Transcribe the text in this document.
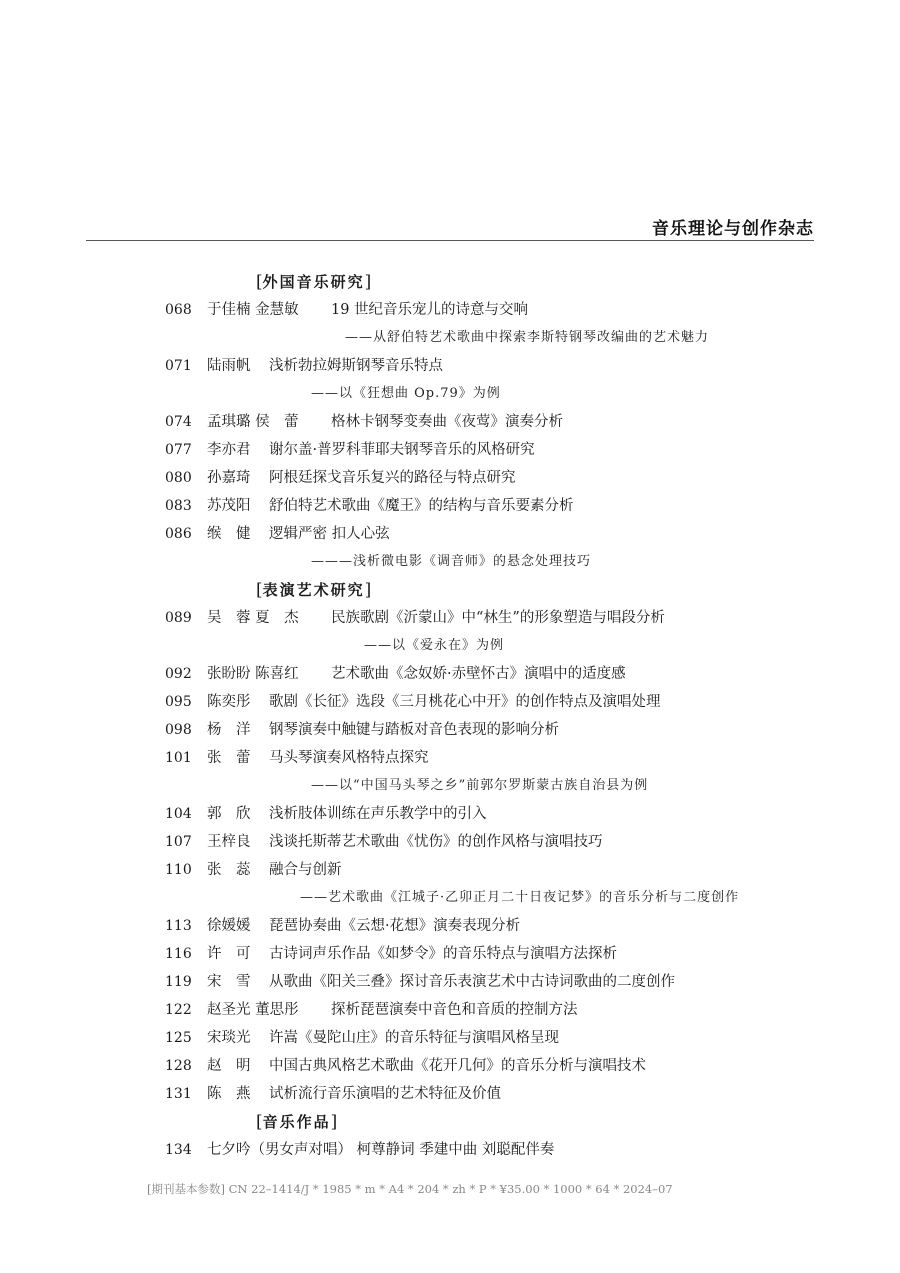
音乐理论与创作杂志
[外国音乐研究]
068 于佳楠 金慧敏 19 世纪音乐宠儿的诗意与交响
——从舒伯特艺术歌曲中探索李斯特钢琴改编曲的艺术魅力
071 陆雨帆 浅析勃拉姆斯钢琴音乐特点
——以《狂想曲 Op.79》为例
074 孟琪璐 侯　蕾 格林卡钢琴变奏曲《夜莺》演奏分析
077 李亦君 谢尔盖·普罗科菲耶夫钢琴音乐的风格研究
080 孙嘉琦 阿根廷探戈音乐复兴的路径与特点研究
083 苏茂阳 舒伯特艺术歌曲《魔王》的结构与音乐要素分析
086 缑　健 逻辑严密 扣人心弦
———浅析微电影《调音师》的悬念处理技巧
[表演艺术研究]
089 吴　蓉 夏　杰 民族歌剧《沂蒙山》中“林生”的形象塑造与唱段分析
——以《爱永在》为例
092 张盼盼 陈喜红 艺术歌曲《念奴娇·赤壁怀古》演唱中的适度感
095 陈奕彤 歌剧《长征》选段《三月桃花心中开》的创作特点及演唱处理
098 杨　洋 钢琴演奏中触键与踏板对音色表现的影响分析
101 张　蕾 马头琴演奏风格特点探究
——以“中国马头琴之乡”前郭尔罗斯蒙古族自治县为例
104 郭　欣 浅析肢体训练在声乐教学中的引入
107 王梓良 浅谈托斯蒂艺术歌曲《忧伤》的创作风格与演唱技巧
110 张　蕊 融合与创新
——艺术歌曲《江城子·乙卯正月二十日夜记梦》的音乐分析与二度创作
113 徐媛媛 琵琶协奏曲《云想·花想》演奏表现分析
116 许　可 古诗词声乐作品《如梦令》的音乐特点与演唱方法探析
119 宋　雪 从歌曲《阳关三叠》探讨音乐表演艺术中古诗词歌曲的二度创作
122 赵圣光 董思彤 探析琵琶演奏中音色和音质的控制方法
125 宋琰光 许嵩《曼陀山庄》的音乐特征与演唱风格呈现
128 赵　明 中国古典风格艺术歌曲《花开几何》的音乐分析与演唱技术
131 陈　燕 试析流行音乐演唱的艺术特征及价值
[音乐作品]
134 七夕吟（男女声对唱） 柯尊静词 季建中曲 刘聪配伴奏
[期刊基本参数] CN 22–1414/J * 1985 * m * A4 * 204 * zh * P * ¥35.00 * 1000 * 64 * 2024–07
